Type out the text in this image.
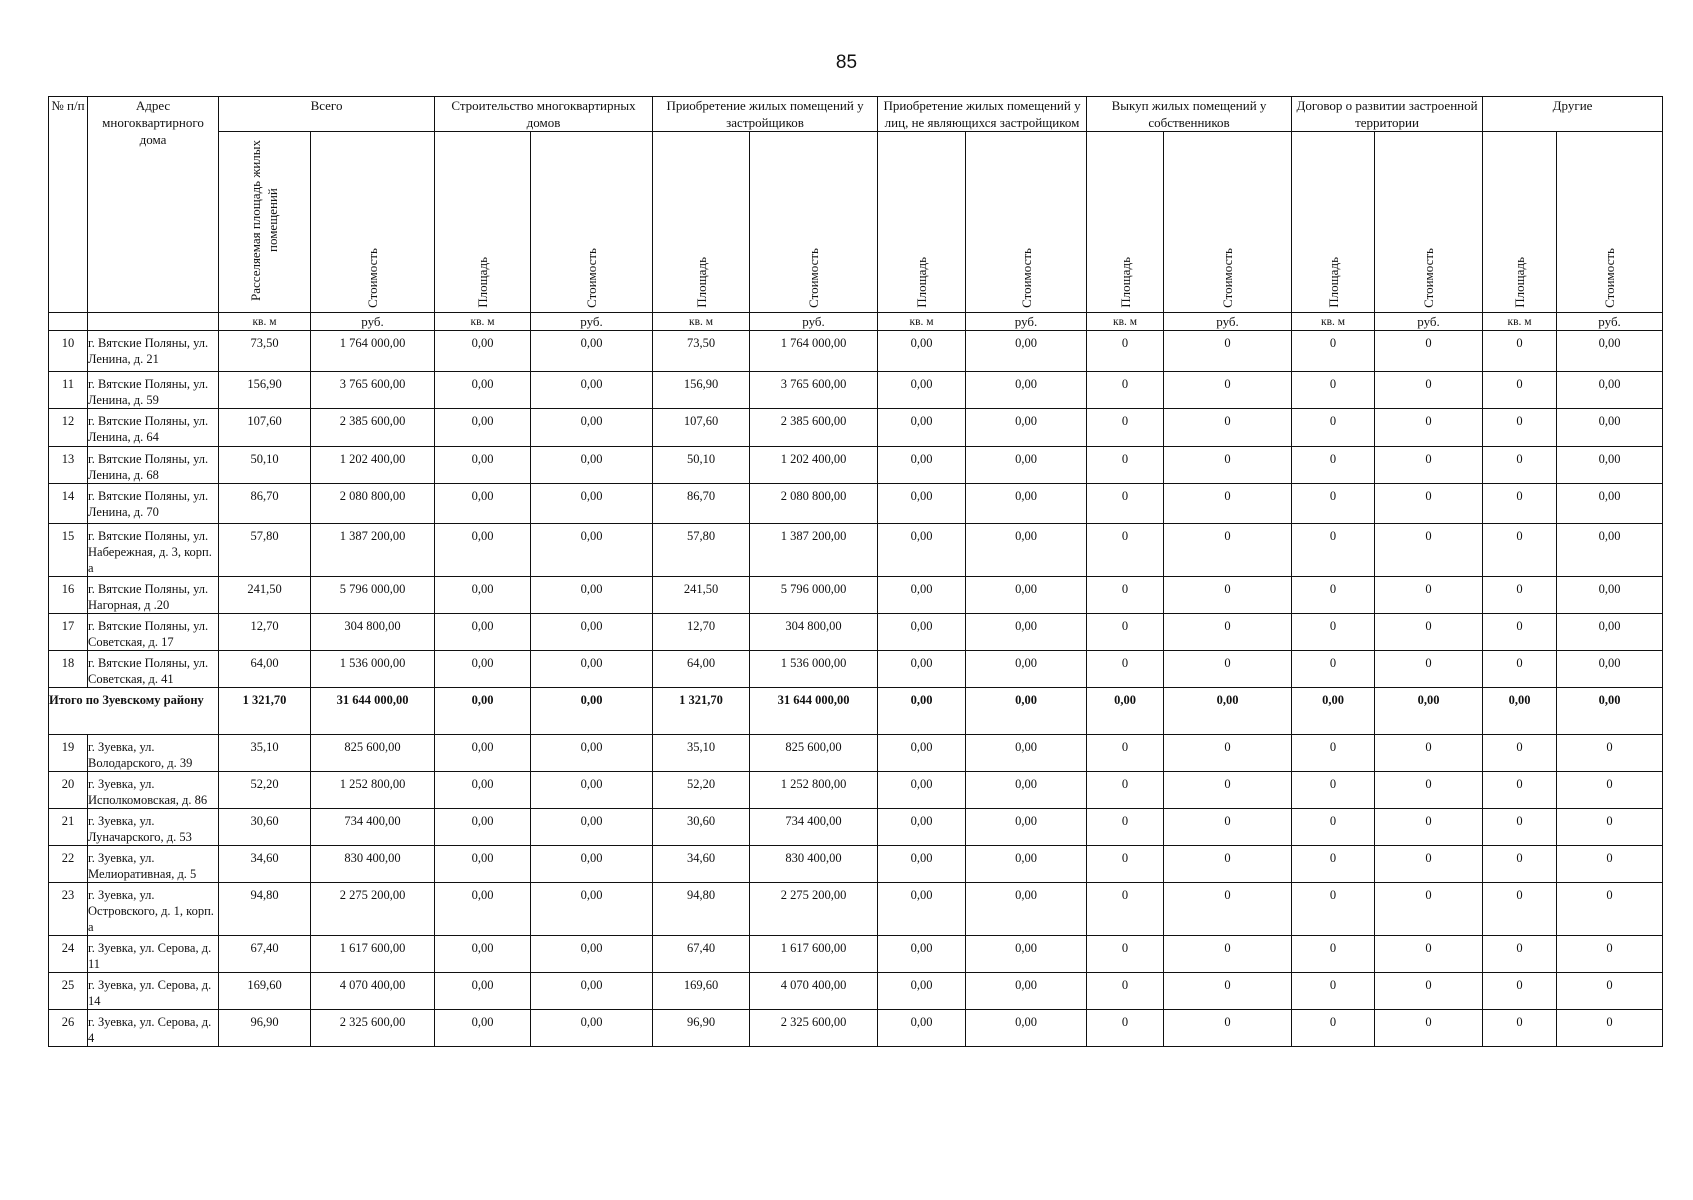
85
№ п/п	Адрес многоквартирного дома	Всего		Строительство многоквартирных домов		Приобретение жилых помещений у застройщиков		Приобретение жилых помещений у лиц, не являющихся застройщиком		Выкуп жилых помещений у собственников		Договор о развитии застроенной территории		Другие	
		Расселяемая площадь жилых помещений	Стоимость	Площадь	Стоимость	Площадь	Стоимость	Площадь	Стоимость	Площадь	Стоимость	Площадь	Стоимость	Площадь	Стоимость
		кв. м	руб.	кв. м	руб.	кв. м	руб.	кв. м	руб.	кв. м	руб.	кв. м	руб.	кв. м	руб.
10	г. Вятские Поляны, ул. Ленина, д. 21	73,50	1 764 000,00	0,00	0,00	73,50	1 764 000,00	0,00	0,00	0	0	0	0	0	0,00
11	г. Вятские Поляны, ул. Ленина, д. 59	156,90	3 765 600,00	0,00	0,00	156,90	3 765 600,00	0,00	0,00	0	0	0	0	0	0,00
12	г. Вятские Поляны, ул. Ленина, д. 64	107,60	2 385 600,00	0,00	0,00	107,60	2 385 600,00	0,00	0,00	0	0	0	0	0	0,00
13	г. Вятские Поляны, ул. Ленина, д. 68	50,10	1 202 400,00	0,00	0,00	50,10	1 202 400,00	0,00	0,00	0	0	0	0	0	0,00
14	г. Вятские Поляны, ул. Ленина, д. 70	86,70	2 080 800,00	0,00	0,00	86,70	2 080 800,00	0,00	0,00	0	0	0	0	0	0,00
15	г. Вятские Поляны, ул. Набережная, д. 3, корп. а	57,80	1 387 200,00	0,00	0,00	57,80	1 387 200,00	0,00	0,00	0	0	0	0	0	0,00
16	г. Вятские Поляны, ул. Нагорная, д .20	241,50	5 796 000,00	0,00	0,00	241,50	5 796 000,00	0,00	0,00	0	0	0	0	0	0,00
17	г. Вятские Поляны, ул. Советская, д. 17	12,70	304 800,00	0,00	0,00	12,70	304 800,00	0,00	0,00	0	0	0	0	0	0,00
18	г. Вятские Поляны, ул. Советская, д. 41	64,00	1 536 000,00	0,00	0,00	64,00	1 536 000,00	0,00	0,00	0	0	0	0	0	0,00
Итого по Зуевскому району		1 321,70	31 644 000,00	0,00	0,00	1 321,70	31 644 000,00	0,00	0,00	0,00	0,00	0,00	0,00	0,00	0,00
19	г. Зуевка, ул. Володарского, д. 39	35,10	825 600,00	0,00	0,00	35,10	825 600,00	0,00	0,00	0	0	0	0	0	0
20	г. Зуевка, ул. Исполкомовская, д. 86	52,20	1 252 800,00	0,00	0,00	52,20	1 252 800,00	0,00	0,00	0	0	0	0	0	0
21	г. Зуевка, ул. Луначарского, д. 53	30,60	734 400,00	0,00	0,00	30,60	734 400,00	0,00	0,00	0	0	0	0	0	0
22	г. Зуевка, ул. Мелиоративная, д. 5	34,60	830 400,00	0,00	0,00	34,60	830 400,00	0,00	0,00	0	0	0	0	0	0
23	г. Зуевка, ул. Островского, д. 1, корп. а	94,80	2 275 200,00	0,00	0,00	94,80	2 275 200,00	0,00	0,00	0	0	0	0	0	0
24	г. Зуевка, ул. Серова, д. 11	67,40	1 617 600,00	0,00	0,00	67,40	1 617 600,00	0,00	0,00	0	0	0	0	0	0
25	г. Зуевка, ул. Серова, д. 14	169,60	4 070 400,00	0,00	0,00	169,60	4 070 400,00	0,00	0,00	0	0	0	0	0	0
26	г. Зуевка, ул. Серова, д. 4	96,90	2 325 600,00	0,00	0,00	96,90	2 325 600,00	0,00	0,00	0	0	0	0	0	0
